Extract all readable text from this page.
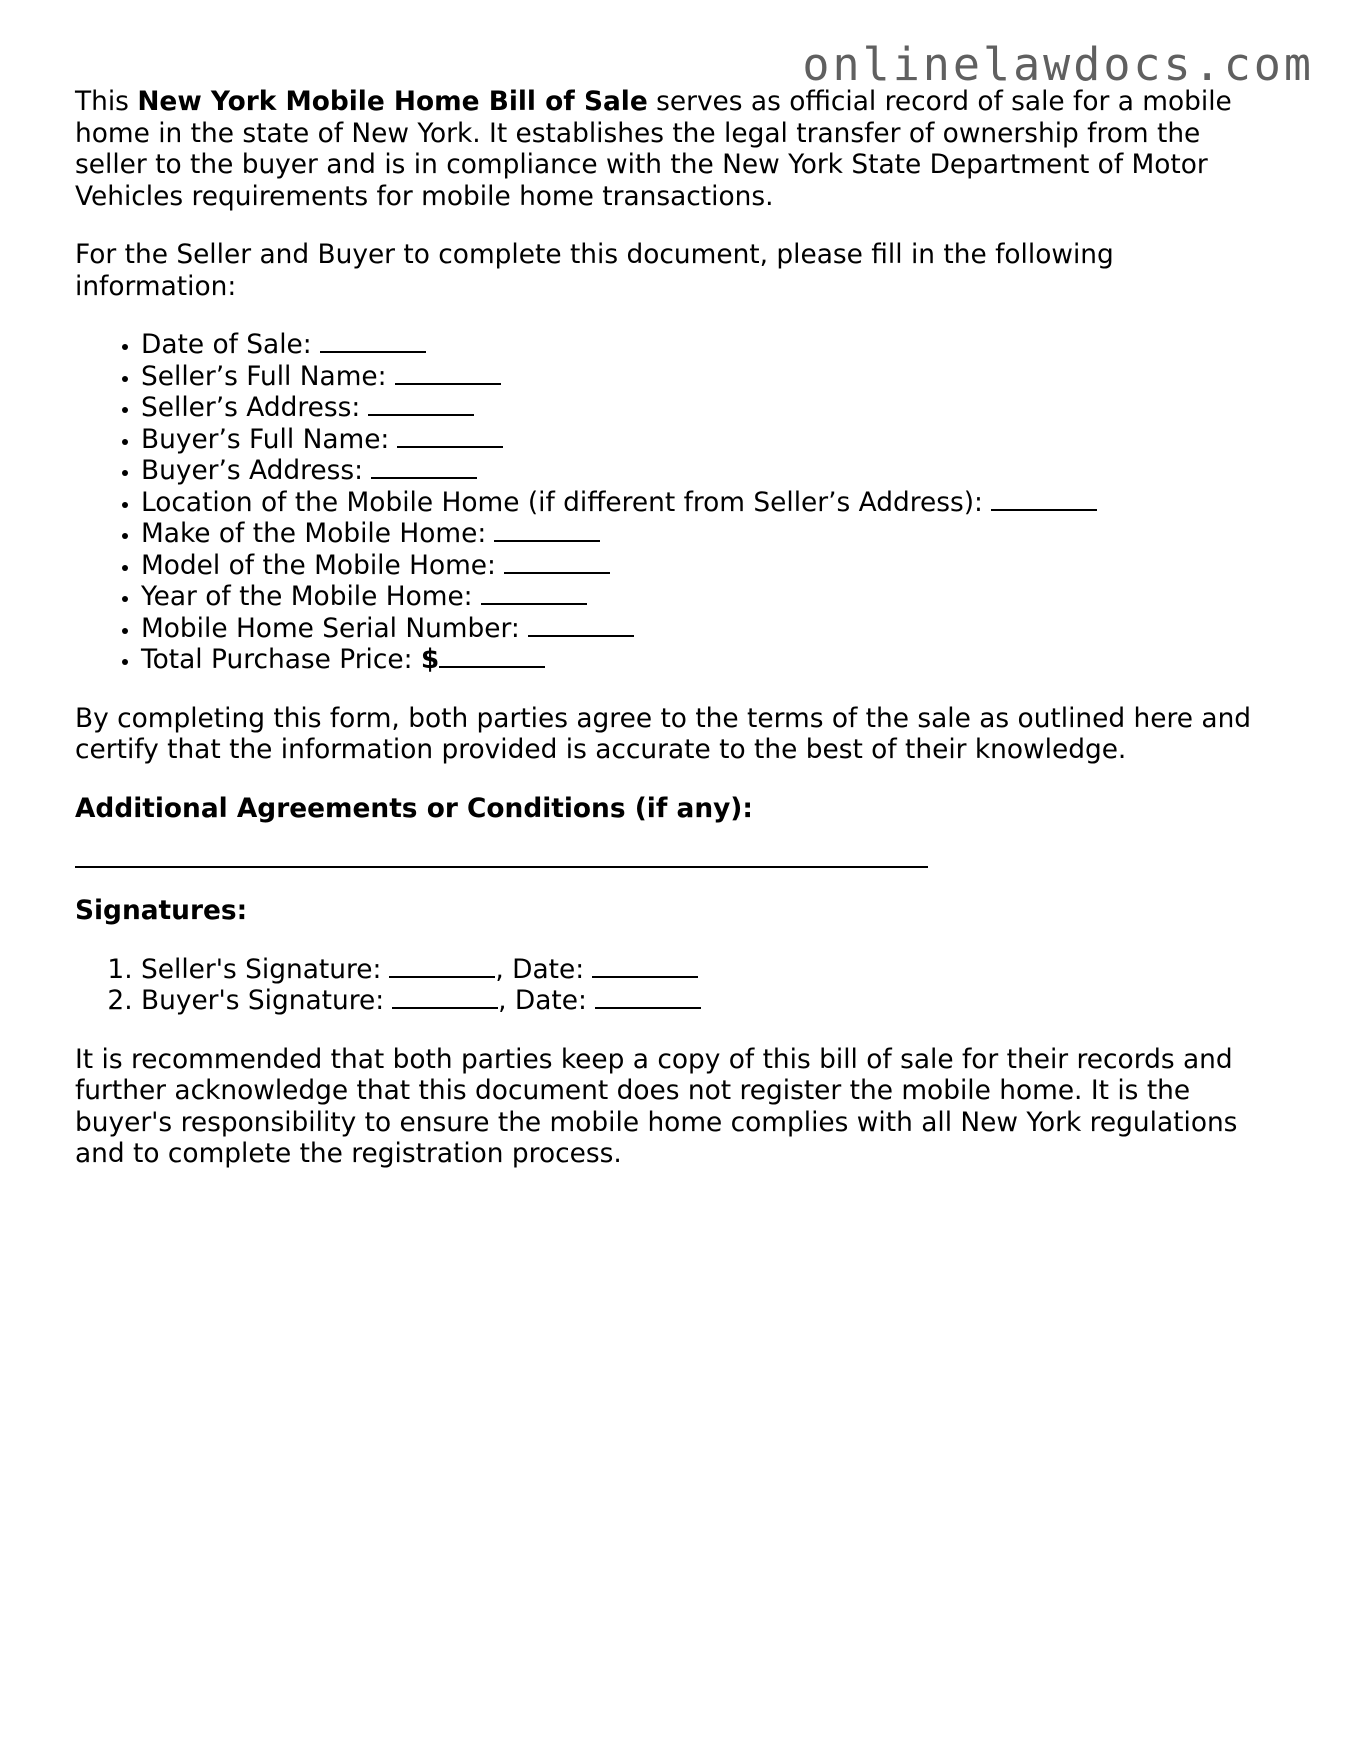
onlinelawdocs.com

This New York Mobile Home Bill of Sale serves as official record of sale for a mobile home in the state of New York. It establishes the legal transfer of ownership from the seller to the buyer and is in compliance with the New York State Department of Motor Vehicles requirements for mobile home transactions.

For the Seller and Buyer to complete this document, please fill in the following information:

• Date of Sale:
• Seller’s Full Name:
• Seller’s Address:
• Buyer’s Full Name:
• Buyer’s Address:
• Location of the Mobile Home (if different from Seller’s Address):
• Make of the Mobile Home:
• Model of the Mobile Home:
• Year of the Mobile Home:
• Mobile Home Serial Number:
• Total Purchase Price: $

By completing this form, both parties agree to the terms of the sale as outlined here and certify that the information provided is accurate to the best of their knowledge.

Additional Agreements or Conditions (if any):
Signatures:
1. Seller's Signature:	, Date:
2. Buyer's Signature:	, Date:

It is recommended that both parties keep a copy of this bill of sale for their records and further acknowledge that this document does not register the mobile home. It is the buyer's responsibility to ensure the mobile home complies with all New York regulations and to complete the registration process.
